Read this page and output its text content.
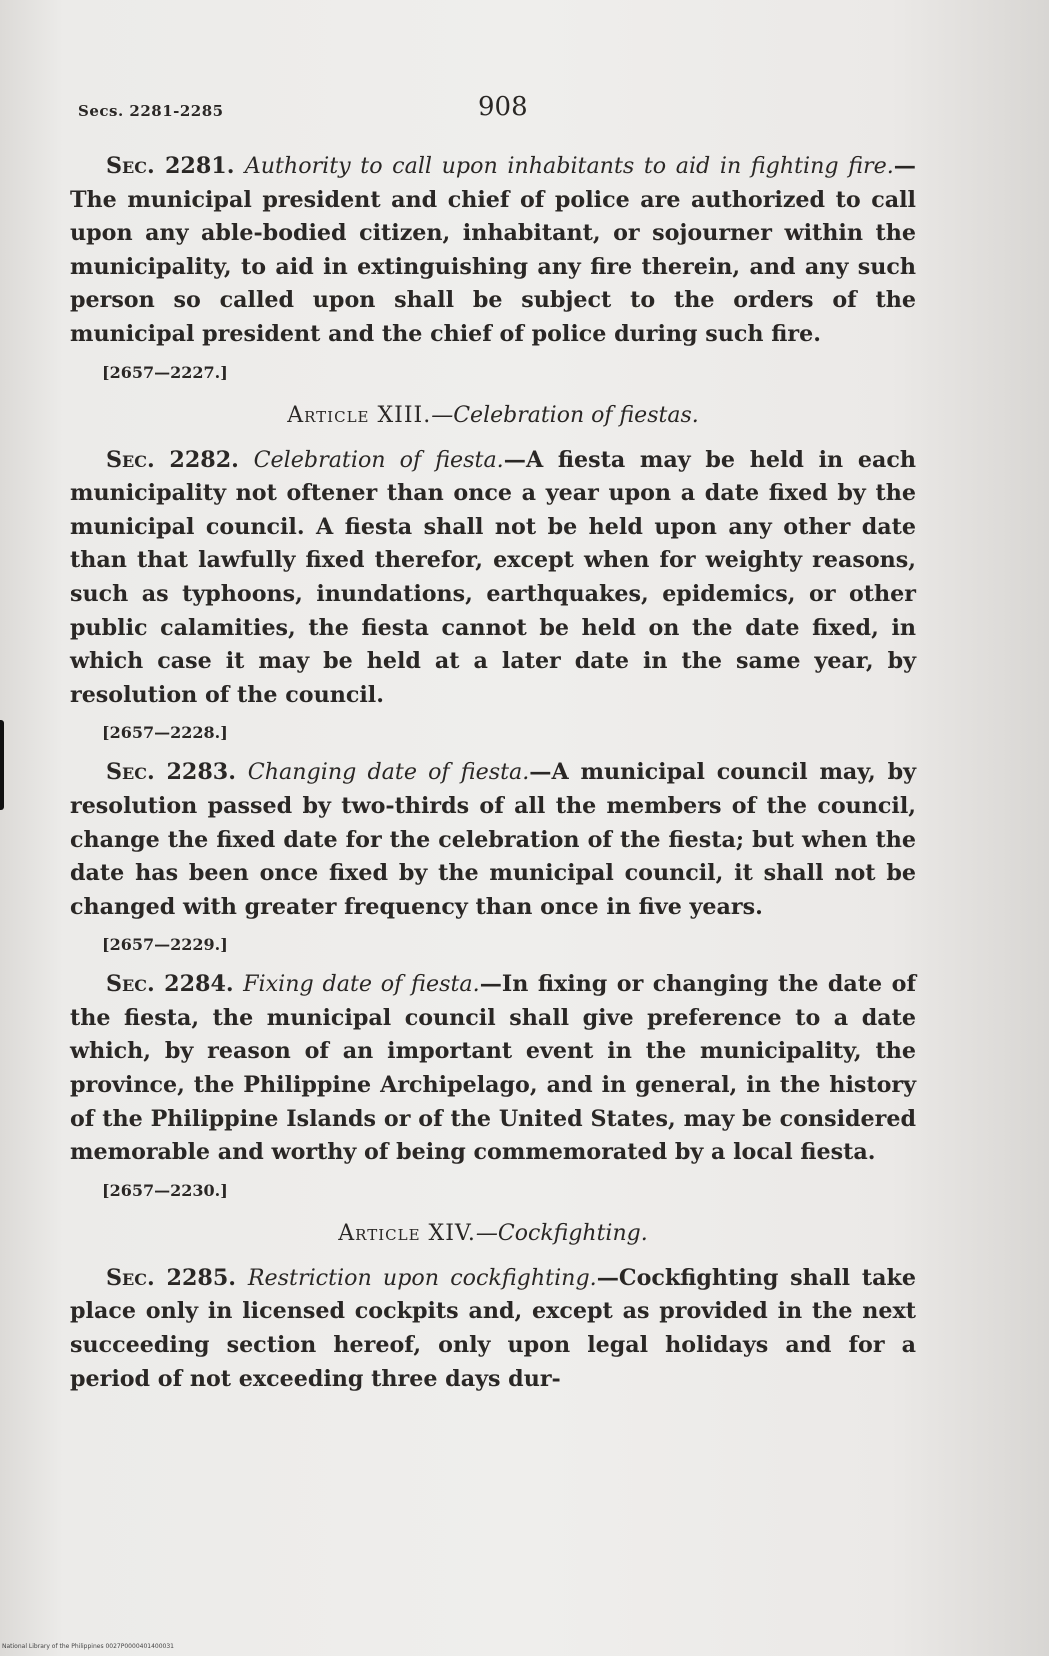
Secs. 2281-2285	908

Sec. 2281. Authority to call upon inhabitants to aid in fighting fire.—The municipal president and chief of police are authorized to call upon any able-bodied citizen, inhabitant, or sojourner within the municipality, to aid in extinguishing any fire therein, and any such person so called upon shall be subject to the orders of the municipal president and the chief of police during such fire.

[2657—2227.]
Article XIII.—Celebration of fiestas.

Sec. 2282. Celebration of fiesta.—A fiesta may be held in each municipality not oftener than once a year upon a date fixed by the municipal council. A fiesta shall not be held upon any other date than that lawfully fixed therefor, except when for weighty reasons, such as typhoons, inundations, earthquakes, epidemics, or other public calamities, the fiesta cannot be held on the date fixed, in which case it may be held at a later date in the same year, by resolution of the council.

[2657—2228.]

Sec. 2283. Changing date of fiesta.—A municipal council may, by resolution passed by two-thirds of all the members of the council, change the fixed date for the celebration of the fiesta; but when the date has been once fixed by the municipal council, it shall not be changed with greater frequency than once in five years.

[2657—2229.]

Sec. 2284. Fixing date of fiesta.—In fixing or changing the date of the fiesta, the municipal council shall give preference to a date which, by reason of an important event in the municipality, the province, the Philippine Archipelago, and in general, in the history of the Philippine Islands or of the United States, may be considered memorable and worthy of being commemorated by a local fiesta.

[2657—2230.]
Article XIV.—Cockfighting.

Sec. 2285. Restriction upon cockfighting.—Cockfighting shall take place only in licensed cockpits and, except as provided in the next succeeding section hereof, only upon legal holidays and for a period of not exceeding three days dur-

National Library of the Philippines 0027P0000401400031
